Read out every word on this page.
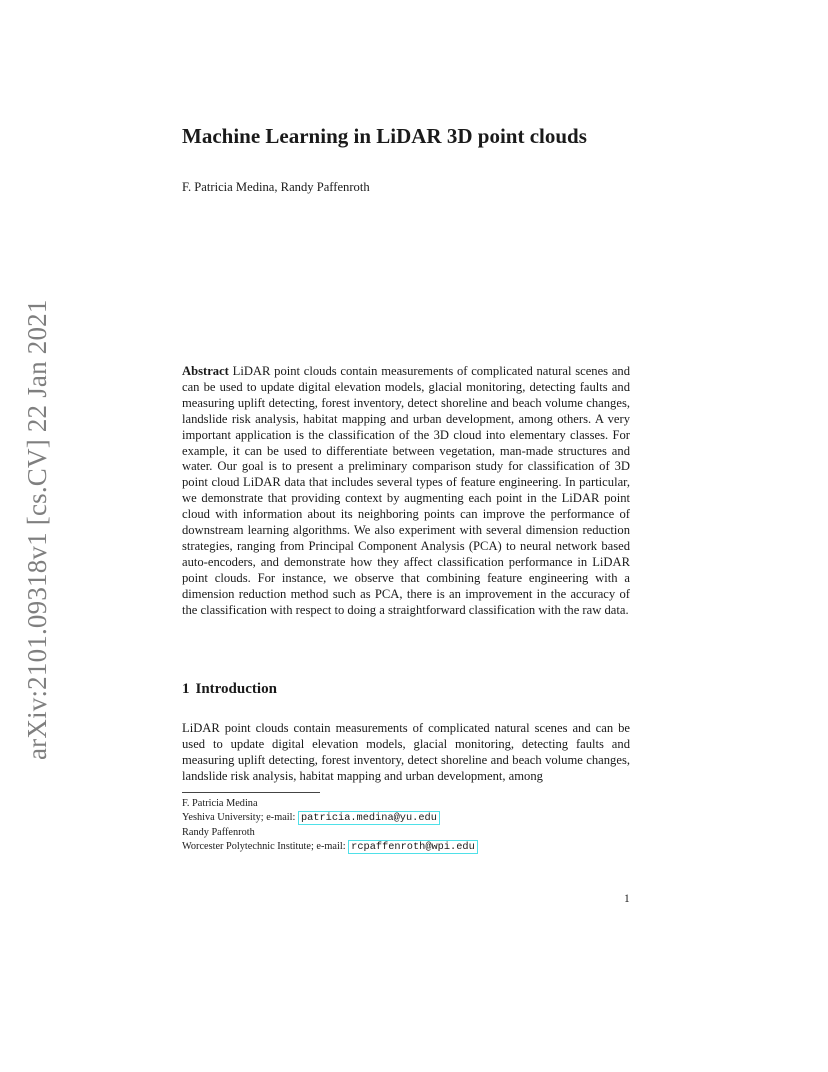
arXiv:2101.09318v1 [cs.CV] 22 Jan 2021
Machine Learning in LiDAR 3D point clouds
F. Patricia Medina, Randy Paffenroth

Abstract LiDAR point clouds contain measurements of complicated natural scenes and can be used to update digital elevation models, glacial monitoring, detecting faults and measuring uplift detecting, forest inventory, detect shoreline and beach volume changes, landslide risk analysis, habitat mapping and urban development, among others. A very important application is the classification of the 3D cloud into elementary classes. For example, it can be used to differentiate between vegetation, man-made structures and water. Our goal is to present a preliminary comparison study for classification of 3D point cloud LiDAR data that includes several types of feature engineering. In particular, we demonstrate that providing context by augmenting each point in the LiDAR point cloud with information about its neighboring points can improve the performance of downstream learning algorithms. We also experiment with several dimension reduction strategies, ranging from Principal Component Analysis (PCA) to neural network based auto-encoders, and demonstrate how they affect classification performance in LiDAR point clouds. For instance, we observe that combining feature engineering with a dimension reduction method such as PCA, there is an improvement in the accuracy of the classification with respect to doing a straightforward classification with the raw data.

1 Introduction

LiDAR point clouds contain measurements of complicated natural scenes and can be used to update digital elevation models, glacial monitoring, detecting faults and measuring uplift detecting, forest inventory, detect shoreline and beach volume changes, landslide risk analysis, habitat mapping and urban development, among

F. Patricia Medina
Yeshiva University; e-mail: patricia.medina@yu.edu
Randy Paffenroth
Worcester Polytechnic Institute; e-mail: rcpaffenroth@wpi.edu
1
